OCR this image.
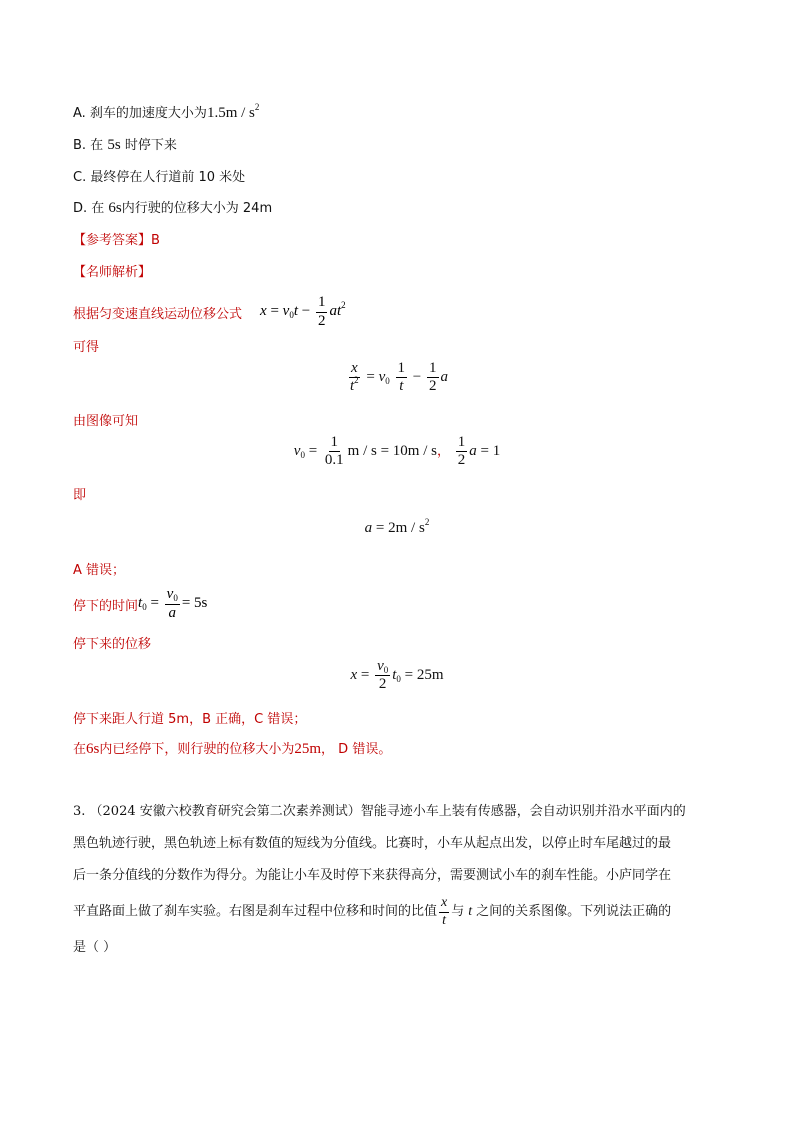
A. 刹车的加速度大小为$1.5m / s^2$
B. 在 5s 时停下来
C. 最终停在人行道前 10 米处
D. 在 6s内行驶的位移大小为 24m
【参考答案】B
【名师解析】
根据匀变速直线运动位移公式 $x = v_0t - \frac{1}{2} at^2$
可得
$\frac{x}{t^2} = v_0 \frac{1}{t} - \frac{1}{2}$ a
由图像可知
$v_0 = \frac{1}{0.1}$ m / s = 10m / s， $\frac{1}{2}$ a = 1
即
$a = 2m / s^2$
A 错误；
停下的时间 $t_0 = \frac{v_0}{a} = 5s$
停下来的位移
$x = \frac{v_0}{2} t_0 = 25m$
停下来距人行道 5m，B 正确，C 错误；
在6s内已经停下，则行驶的位移大小为25m， D 错误。
3. （2024 安徽六校教育研究会第二次素养测试）智能寻迹小车上装有传感器，会自动识别并沿水平面内的
黑色轨迹行驶，黑色轨迹上标有数值的短线为分值线。比赛时，小车从起点出发，以停止时车尾越过的最
后一条分值线的分数作为得分。为能让小车及时停下来获得高分，需要测试小车的刹车性能。小庐同学在
平直路面上做了刹车实验。右图是刹车过程中位移和时间的比值 $\frac{x}{t}$ 与 t 之间的关系图像。下列说法正确的
是（ ）
